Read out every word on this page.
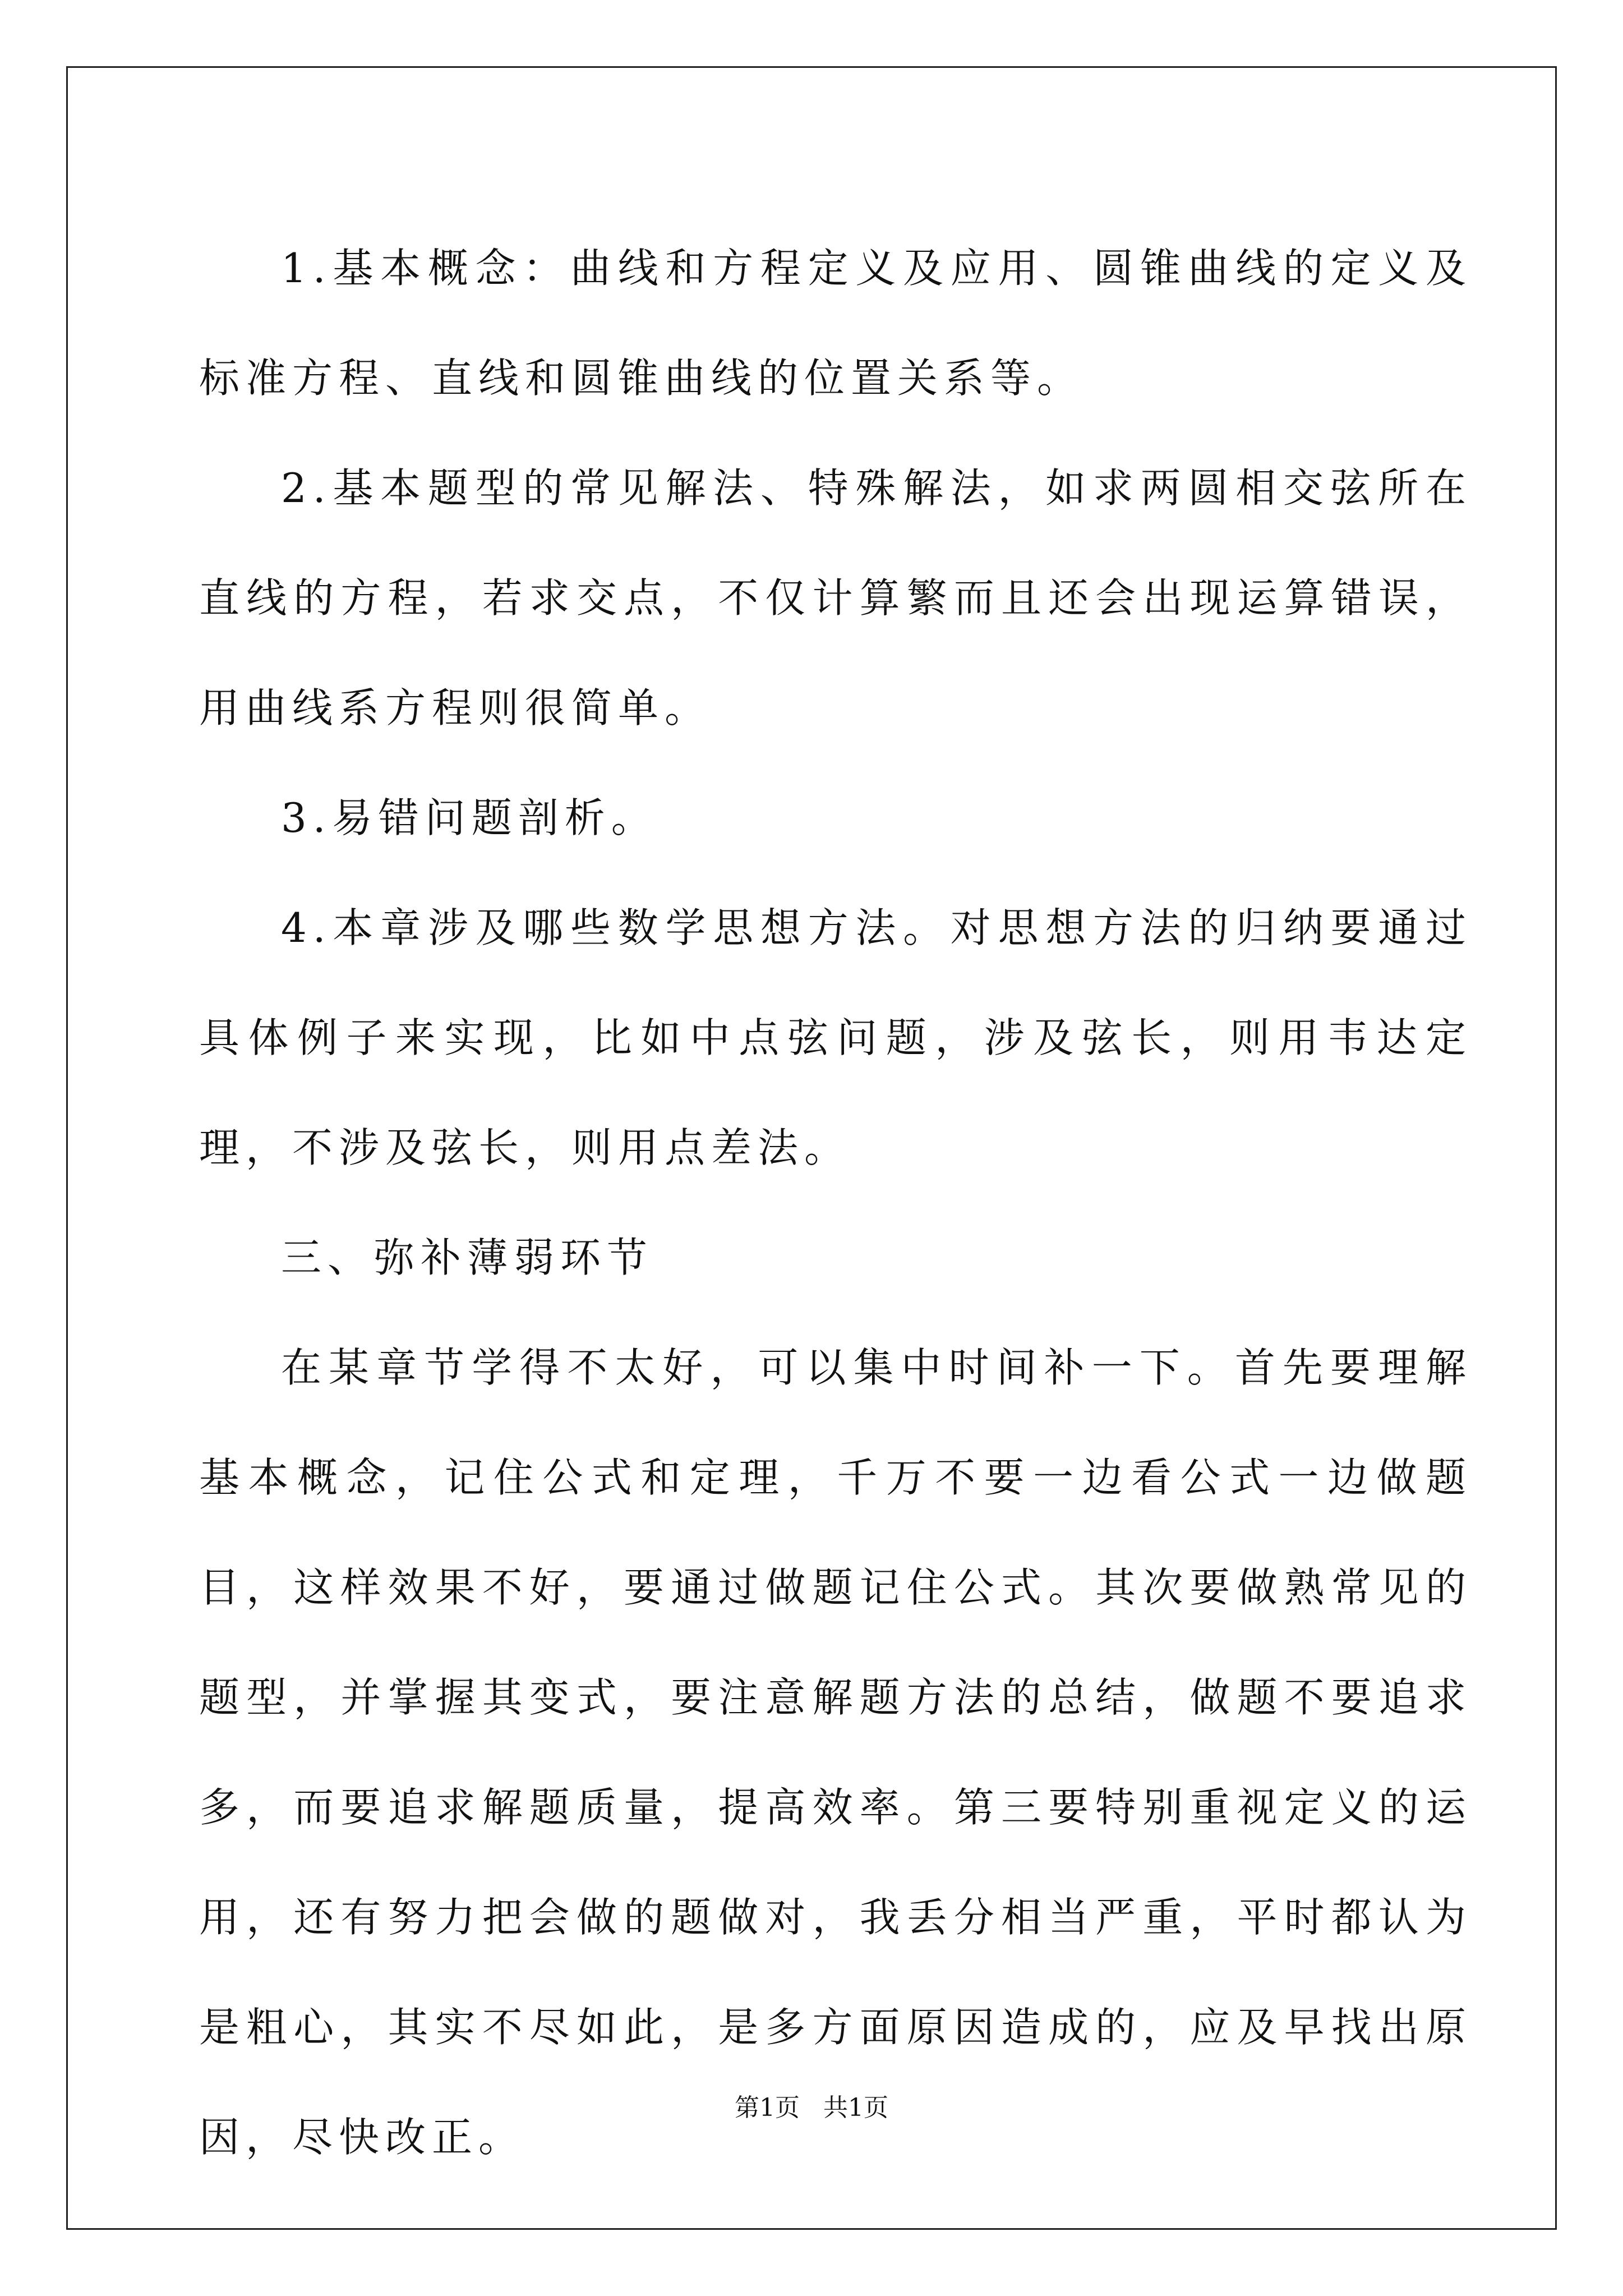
1.基本概念：曲线和方程定义及应用、圆锥曲线的定义及标准方程、直线和圆锥曲线的位置关系等。

2.基本题型的常见解法、特殊解法，如求两圆相交弦所在直线的方程，若求交点，不仅计算繁而且还会出现运算错误，用曲线系方程则很简单。

3.易错问题剖析。

4.本章涉及哪些数学思想方法。对思想方法的归纳要通过具体例子来实现，比如中点弦问题，涉及弦长，则用韦达定理，不涉及弦长，则用点差法。

三、弥补薄弱环节

在某章节学得不太好，可以集中时间补一下。首先要理解基本概念，记住公式和定理，千万不要一边看公式一边做题目，这样效果不好，要通过做题记住公式。其次要做熟常见的题型，并掌握其变式，要注意解题方法的总结，做题不要追求多，而要追求解题质量，提高效率。第三要特别重视定义的运用，还有努力把会做的题做对，我丢分相当严重，平时都认为是粗心，其实不尽如此，是多方面原因造成的，应及早找出原因，尽快改正。

第1页   共1页
